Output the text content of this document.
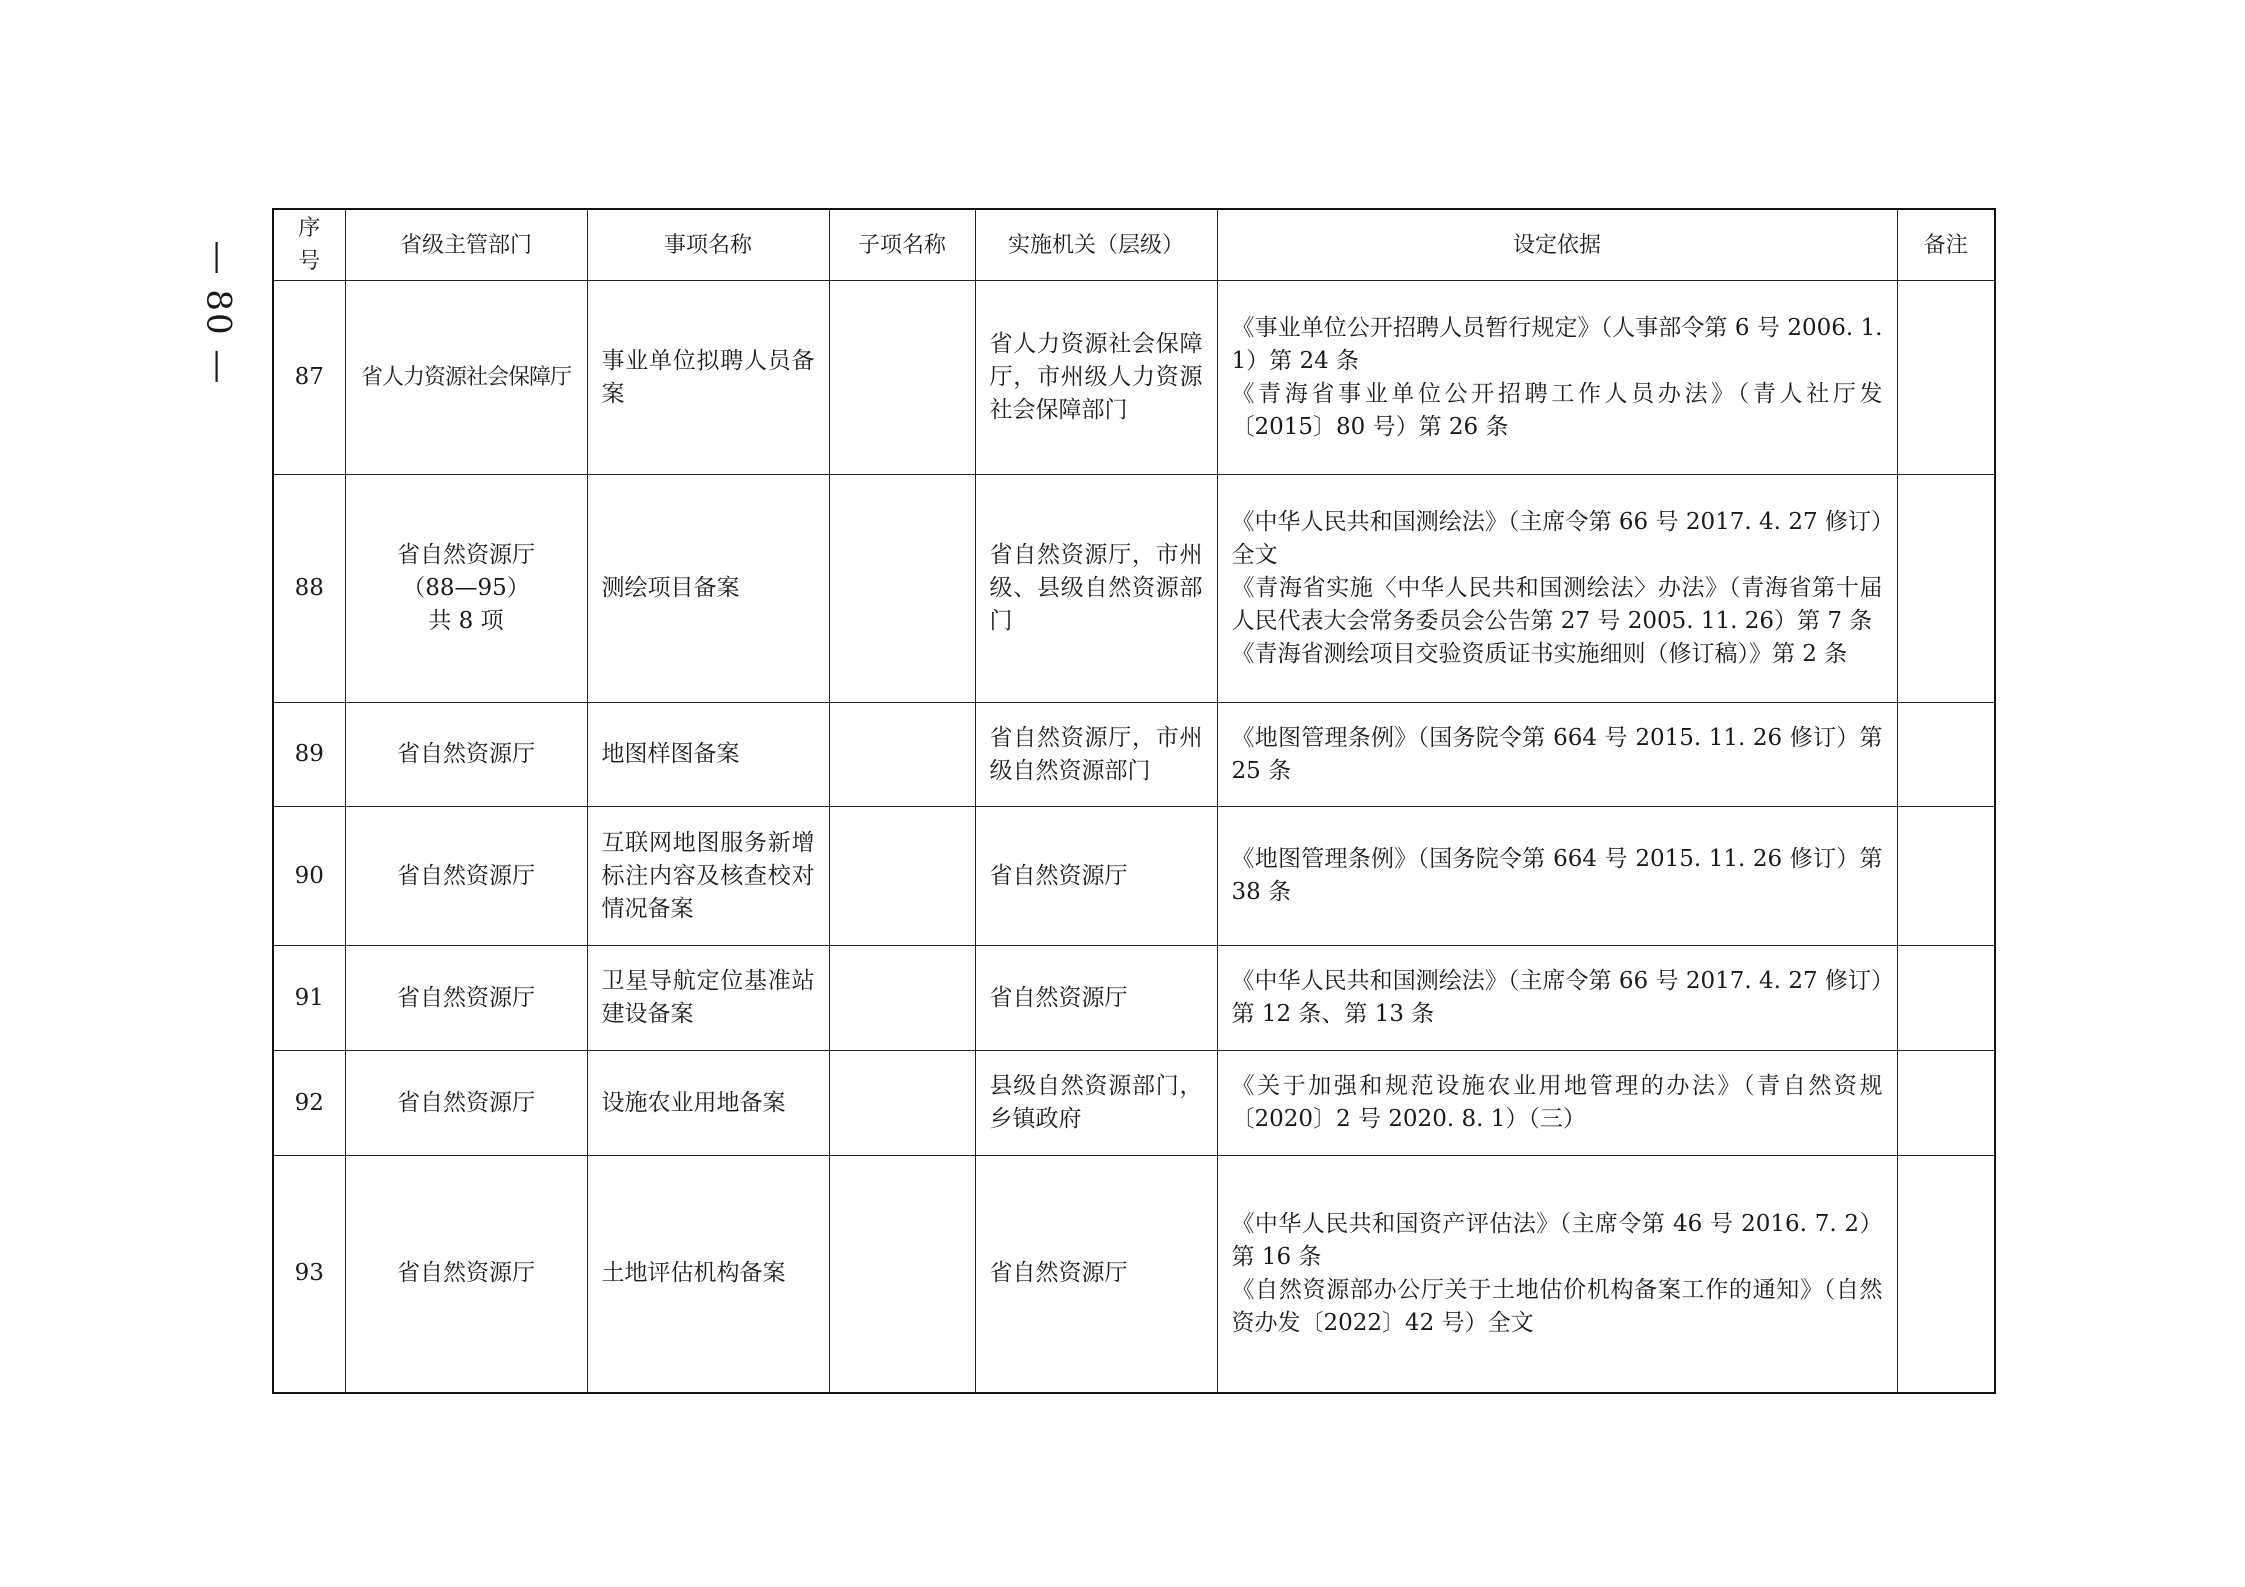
— 80 —
序号	省级主管部门	事项名称	子项名称	实施机关（层级）	设定依据	备注
87	省人力资源社会保障厅	事业单位拟聘人员备案		省人力资源社会保障厅，市州级人力资源社会保障部门	《事业单位公开招聘人员暂行规定》（人事部令第 6 号 2006. 1. 1）第 24 条
《青海省事业单位公开招聘工作人员办法》（青人社厅发〔2015〕80 号）第 26 条	

88	省自然资源厅
（88—95）
共 8 项	测绘项目备案		省自然资源厅，市州级、县级自然资源部门	《中华人民共和国测绘法》（主席令第 66 号 2017. 4. 27 修订）全文
《青海省实施〈中华人民共和国测绘法〉办法》（青海省第十届人民代表大会常务委员会公告第 27 号 2005. 11. 26）第 7 条
《青海省测绘项目交验资质证书实施细则（修订稿）》第 2 条	

89	省自然资源厅	地图样图备案		省自然资源厅，市州级自然资源部门	《地图管理条例》（国务院令第 664 号 2015. 11. 26 修订）第 25 条	

90	省自然资源厅	互联网地图服务新增标注内容及核查校对情况备案		省自然资源厅	《地图管理条例》（国务院令第 664 号 2015. 11. 26 修订）第 38 条	

91	省自然资源厅	卫星导航定位基准站建设备案		省自然资源厅	《中华人民共和国测绘法》（主席令第 66 号 2017. 4. 27 修订）第 12 条、第 13 条	

92	省自然资源厅	设施农业用地备案		县级自然资源部门，乡镇政府	《关于加强和规范设施农业用地管理的办法》（青自然资规〔2020〕2 号 2020. 8. 1）（三）	

93	省自然资源厅	土地评估机构备案		省自然资源厅	《中华人民共和国资产评估法》（主席令第 46 号 2016. 7. 2）第 16 条
《自然资源部办公厅关于土地估价机构备案工作的通知》（自然资办发〔2022〕42 号）全文	
